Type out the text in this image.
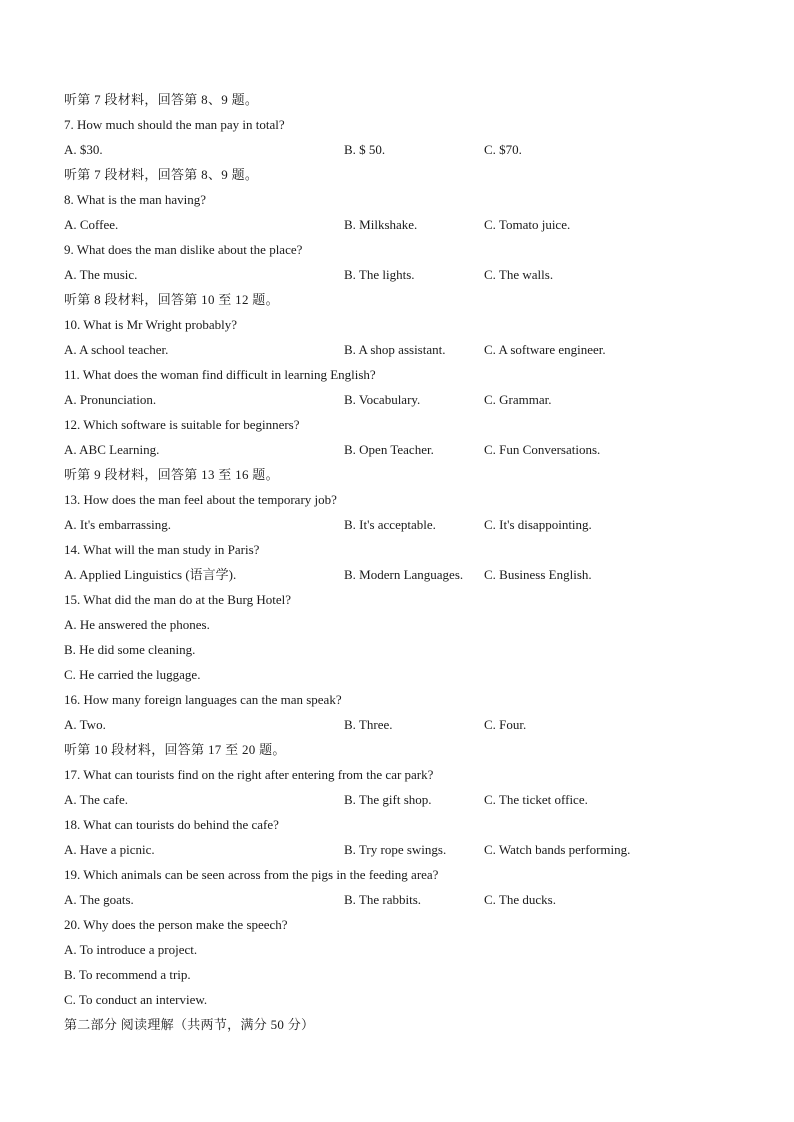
听第 7 段材料，回答第 8、9 题。
7. How much should the man pay in total?
A. $30.	B. $ 50.	C. $70.
听第 7 段材料，回答第 8、9 题。
8. What is the man having?
A. Coffee.	B. Milkshake.	C. Tomato juice.
9. What does the man dislike about the place?
A. The music.	B. The lights.	C. The walls.
听第 8 段材料，回答第 10 至 12 题。
10. What is Mr Wright probably?
A. A school teacher.	B. A shop assistant.	C. A software engineer.
11. What does the woman find difficult in learning English?
A. Pronunciation.	B. Vocabulary.	C. Grammar.
12. Which software is suitable for beginners?
A. ABC Learning.	B. Open Teacher.	C. Fun Conversations.
听第 9 段材料，回答第 13 至 16 题。
13. How does the man feel about the temporary job?
A. It's embarrassing.	B. It's acceptable.	C. It's disappointing.
14. What will the man study in Paris?
A. Applied Linguistics (语言学).	B. Modern Languages. C. Business English.
15. What did the man do at the Burg Hotel?
A. He answered the phones.
B. He did some cleaning.
C. He carried the luggage.
16. How many foreign languages can the man speak?
A. Two.	B. Three.	C. Four.
听第 10 段材料，回答第 17 至 20 题。
17. What can tourists find on the right after entering from the car park?
A. The cafe.	B. The gift shop.	C. The ticket office.
18. What can tourists do behind the cafe?
A. Have a picnic.	B. Try rope swings.	C. Watch bands performing.
19. Which animals can be seen across from the pigs in the feeding area?
A. The goats.	B. The rabbits.	C. The ducks.
20. Why does the person make the speech?
A. To introduce a project.
B. To recommend a trip.
C. To conduct an interview.
第二部分 阅读理解（共两节，满分 50 分）
